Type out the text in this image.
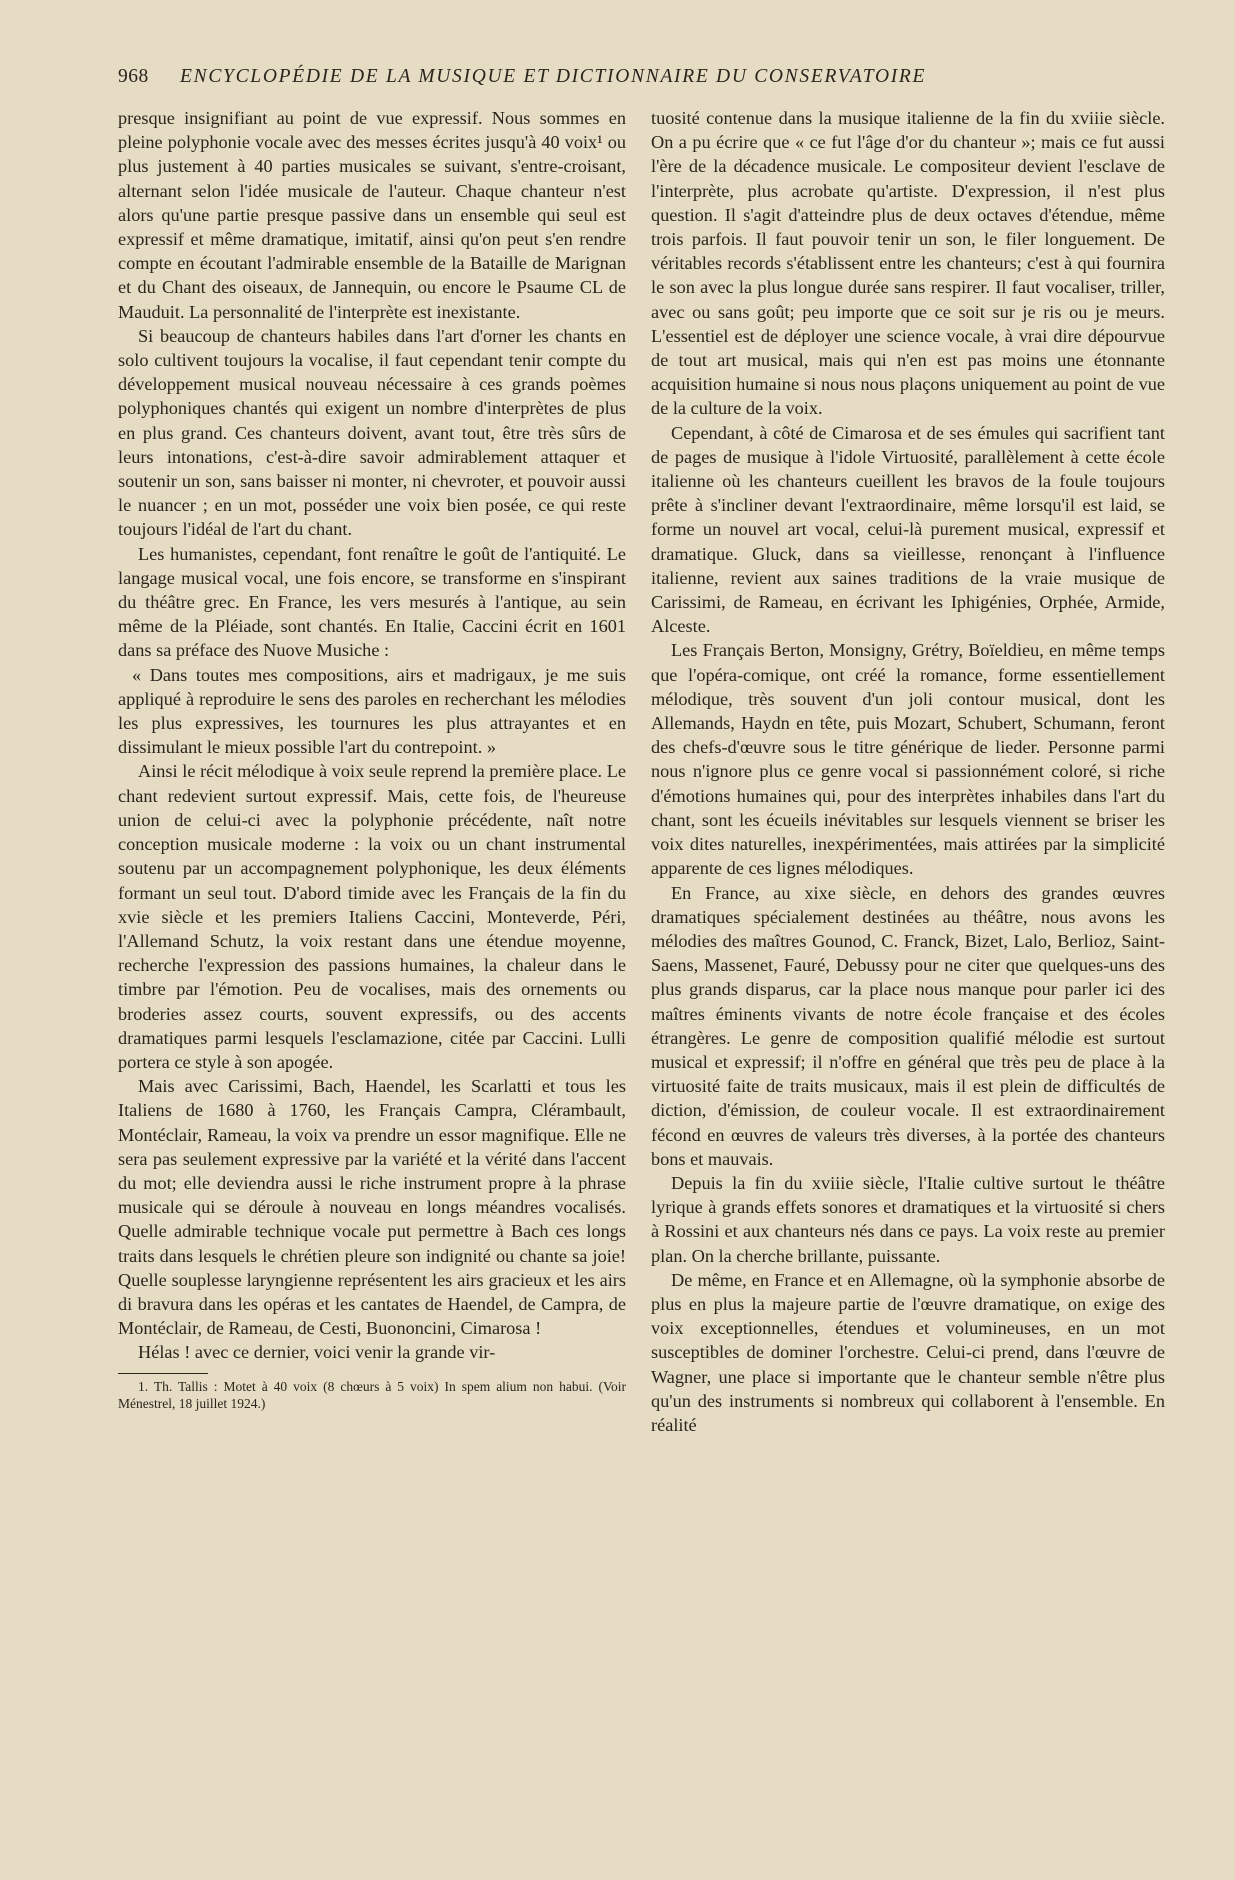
968 ENCYCLOPÉDIE DE LA MUSIQUE ET DICTIONNAIRE DU CONSERVATOIRE

presque insignifiant au point de vue expressif. Nous sommes en pleine polyphonie vocale avec des messes écrites jusqu'à 40 voix¹ ou plus justement à 40 parties musicales se suivant, s'entre-croisant, alternant selon l'idée musicale de l'auteur. Chaque chanteur n'est alors qu'une partie presque passive dans un ensemble qui seul est expressif et même dramatique, imitatif, ainsi qu'on peut s'en rendre compte en écoutant l'admirable ensemble de la Bataille de Marignan et du Chant des oiseaux, de Jannequin, ou encore le Psaume CL de Mauduit. La personnalité de l'interprète est inexistante.

Si beaucoup de chanteurs habiles dans l'art d'orner les chants en solo cultivent toujours la vocalise, il faut cependant tenir compte du développement musical nouveau nécessaire à ces grands poèmes polyphoniques chantés qui exigent un nombre d'interprètes de plus en plus grand. Ces chanteurs doivent, avant tout, être très sûrs de leurs intonations, c'est-à-dire savoir admirablement attaquer et soutenir un son, sans baisser ni monter, ni chevroter, et pouvoir aussi le nuancer ; en un mot, posséder une voix bien posée, ce qui reste toujours l'idéal de l'art du chant.

Les humanistes, cependant, font renaître le goût de l'antiquité. Le langage musical vocal, une fois encore, se transforme en s'inspirant du théâtre grec. En France, les vers mesurés à l'antique, au sein même de la Pléiade, sont chantés. En Italie, Caccini écrit en 1601 dans sa préface des Nuove Musiche :

« Dans toutes mes compositions, airs et madrigaux, je me suis appliqué à reproduire le sens des paroles en recherchant les mélodies les plus expressives, les tournures les plus attrayantes et en dissimulant le mieux possible l'art du contrepoint. »

Ainsi le récit mélodique à voix seule reprend la première place. Le chant redevient surtout expressif. Mais, cette fois, de l'heureuse union de celui-ci avec la polyphonie précédente, naît notre conception musicale moderne : la voix ou un chant instrumental soutenu par un accompagnement polyphonique, les deux éléments formant un seul tout. D'abord timide avec les Français de la fin du xvie siècle et les premiers Italiens Caccini, Monteverde, Péri, l'Allemand Schutz, la voix restant dans une étendue moyenne, recherche l'expression des passions humaines, la chaleur dans le timbre par l'émotion. Peu de vocalises, mais des ornements ou broderies assez courts, souvent expressifs, ou des accents dramatiques parmi lesquels l'esclamazione, citée par Caccini. Lulli portera ce style à son apogée.

Mais avec Carissimi, Bach, Haendel, les Scarlatti et tous les Italiens de 1680 à 1760, les Français Campra, Clérambault, Montéclair, Rameau, la voix va prendre un essor magnifique. Elle ne sera pas seulement expressive par la variété et la vérité dans l'accent du mot; elle deviendra aussi le riche instrument propre à la phrase musicale qui se déroule à nouveau en longs méandres vocalisés. Quelle admirable technique vocale put permettre à Bach ces longs traits dans lesquels le chrétien pleure son indignité ou chante sa joie! Quelle souplesse laryngienne représentent les airs gracieux et les airs di bravura dans les opéras et les cantates de Haendel, de Campra, de Montéclair, de Rameau, de Cesti, Buononcini, Cimarosa !

Hélas ! avec ce dernier, voici venir la grande vir-

1. Th. Tallis : Motet à 40 voix (8 chœurs à 5 voix) In spem alium non habui. (Voir Ménestrel, 18 juillet 1924.)

tuosité contenue dans la musique italienne de la fin du xviiie siècle. On a pu écrire que « ce fut l'âge d'or du chanteur »; mais ce fut aussi l'ère de la décadence musicale. Le compositeur devient l'esclave de l'interprète, plus acrobate qu'artiste. D'expression, il n'est plus question. Il s'agit d'atteindre plus de deux octaves d'étendue, même trois parfois. Il faut pouvoir tenir un son, le filer longuement. De véritables records s'établissent entre les chanteurs; c'est à qui fournira le son avec la plus longue durée sans respirer. Il faut vocaliser, triller, avec ou sans goût; peu importe que ce soit sur je ris ou je meurs. L'essentiel est de déployer une science vocale, à vrai dire dépourvue de tout art musical, mais qui n'en est pas moins une étonnante acquisition humaine si nous nous plaçons uniquement au point de vue de la culture de la voix.

Cependant, à côté de Cimarosa et de ses émules qui sacrifient tant de pages de musique à l'idole Virtuosité, parallèlement à cette école italienne où les chanteurs cueillent les bravos de la foule toujours prête à s'incliner devant l'extraordinaire, même lorsqu'il est laid, se forme un nouvel art vocal, celui-là purement musical, expressif et dramatique. Gluck, dans sa vieillesse, renonçant à l'influence italienne, revient aux saines traditions de la vraie musique de Carissimi, de Rameau, en écrivant les Iphigénies, Orphée, Armide, Alceste.

Les Français Berton, Monsigny, Grétry, Boïeldieu, en même temps que l'opéra-comique, ont créé la romance, forme essentiellement mélodique, très souvent d'un joli contour musical, dont les Allemands, Haydn en tête, puis Mozart, Schubert, Schumann, feront des chefs-d'œuvre sous le titre générique de lieder. Personne parmi nous n'ignore plus ce genre vocal si passionnément coloré, si riche d'émotions humaines qui, pour des interprètes inhabiles dans l'art du chant, sont les écueils inévitables sur lesquels viennent se briser les voix dites naturelles, inexpérimentées, mais attirées par la simplicité apparente de ces lignes mélodiques.

En France, au xixe siècle, en dehors des grandes œuvres dramatiques spécialement destinées au théâtre, nous avons les mélodies des maîtres Gounod, C. Franck, Bizet, Lalo, Berlioz, Saint-Saens, Massenet, Fauré, Debussy pour ne citer que quelques-uns des plus grands disparus, car la place nous manque pour parler ici des maîtres éminents vivants de notre école française et des écoles étrangères. Le genre de composition qualifié mélodie est surtout musical et expressif; il n'offre en général que très peu de place à la virtuosité faite de traits musicaux, mais il est plein de difficultés de diction, d'émission, de couleur vocale. Il est extraordinairement fécond en œuvres de valeurs très diverses, à la portée des chanteurs bons et mauvais.

Depuis la fin du xviiie siècle, l'Italie cultive surtout le théâtre lyrique à grands effets sonores et dramatiques et la virtuosité si chers à Rossini et aux chanteurs nés dans ce pays. La voix reste au premier plan. On la cherche brillante, puissante.

De même, en France et en Allemagne, où la symphonie absorbe de plus en plus la majeure partie de l'œuvre dramatique, on exige des voix exceptionnelles, étendues et volumineuses, en un mot susceptibles de dominer l'orchestre. Celui-ci prend, dans l'œuvre de Wagner, une place si importante que le chanteur semble n'être plus qu'un des instruments si nombreux qui collaborent à l'ensemble. En réalité
